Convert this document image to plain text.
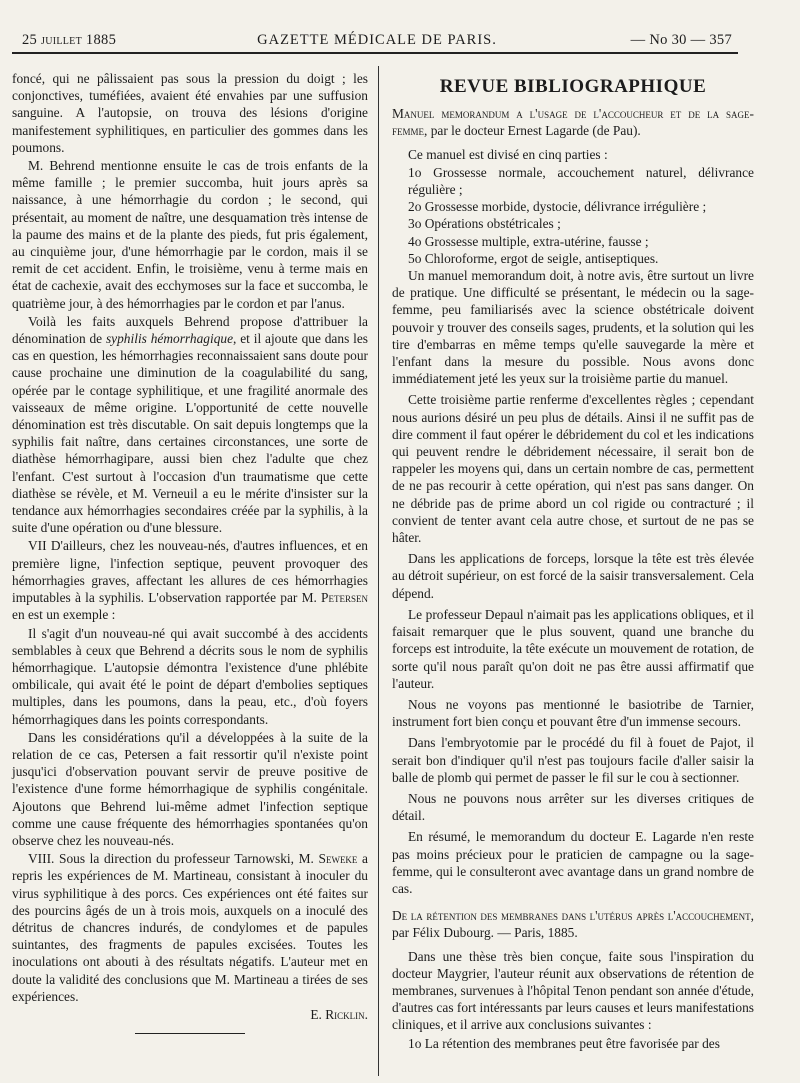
25 juillet 1885	GAZETTE MÉDICALE DE PARIS.	— No 30 — 357

foncé, qui ne pâlissaient pas sous la pression du doigt ; les conjonctives, tuméfiées, avaient été envahies par une suffusion sanguine. A l'autopsie, on trouva des lésions d'origine manifestement syphilitiques, en particulier des gommes dans les poumons.

M. Behrend mentionne ensuite le cas de trois enfants de la même famille ; le premier succomba, huit jours après sa naissance, à une hémorrhagie du cordon ; le second, qui présentait, au moment de naître, une desquamation très intense de la paume des mains et de la plante des pieds, fut pris également, au cinquième jour, d'une hémorrhagie par le cordon, mais il se remit de cet accident. Enfin, le troisième, venu à terme mais en état de cachexie, avait des ecchymoses sur la face et succomba, le quatrième jour, à des hémorrhagies par le cordon et par l'anus.

Voilà les faits auxquels Behrend propose d'attribuer la dénomination de syphilis hémorrhagique, et il ajoute que dans les cas en question, les hémorrhagies reconnaissaient sans doute pour cause prochaine une diminution de la coagulabilité du sang, opérée par le contage syphilitique, et une fragilité anormale des vaisseaux de même origine. L'opportunité de cette nouvelle dénomination est très discutable. On sait depuis longtemps que la syphilis fait naître, dans certaines circonstances, une sorte de diathèse hémorrhagipare, aussi bien chez l'adulte que chez l'enfant. C'est surtout à l'occasion d'un traumatisme que cette diathèse se révèle, et M. Verneuil a eu le mérite d'insister sur la tendance aux hémorrhagies secondaires créée par la syphilis, à la suite d'une opération ou d'une blessure.

VII D'ailleurs, chez les nouveau-nés, d'autres influences, et en première ligne, l'infection septique, peuvent provoquer des hémorrhagies graves, affectant les allures de ces hémorrhagies imputables à la syphilis. L'observation rapportée par M. Petersen en est un exemple :

Il s'agit d'un nouveau-né qui avait succombé à des accidents semblables à ceux que Behrend a décrits sous le nom de syphilis hémorrhagique. L'autopsie démontra l'existence d'une phlébite ombilicale, qui avait été le point de départ d'embolies septiques multiples, dans les poumons, dans la peau, etc., d'où foyers hémorrhagiques dans les points correspondants.

Dans les considérations qu'il a développées à la suite de la relation de ce cas, Petersen a fait ressortir qu'il n'existe point jusqu'ici d'observation pouvant servir de preuve positive de l'existence d'une forme hémorrhagique de syphilis congénitale. Ajoutons que Behrend lui-même admet l'infection septique comme une cause fréquente des hémorrhagies spontanées qu'on observe chez les nouveau-nés.

VIII. Sous la direction du professeur Tarnowski, M. Seweke a repris les expériences de M. Martineau, consistant à inoculer du virus syphilitique à des porcs. Ces expériences ont été faites sur des pourcins âgés de un à trois mois, auxquels on a inoculé des détritus de chancres indurés, de condylomes et de papules suintantes, des fragments de papules excisées. Toutes les inoculations ont abouti à des résultats négatifs. L'auteur met en doute la validité des conclusions que M. Martineau a tirées de ses expériences.

E. Ricklin.

REVUE BIBLIOGRAPHIQUE

Manuel memorandum a l'usage de l'accoucheur et de la sage-femme, par le docteur Ernest Lagarde (de Pau).

Ce manuel est divisé en cinq parties :

1o Grossesse normale, accouchement naturel, délivrance régulière ;

2o Grossesse morbide, dystocie, délivrance irrégulière ;

3o Opérations obstétricales ;

4o Grossesse multiple, extra-utérine, fausse ;

5o Chloroforme, ergot de seigle, antiseptiques.

Un manuel memorandum doit, à notre avis, être surtout un livre de pratique. Une difficulté se présentant, le médecin ou la sage-femme, peu familiarisés avec la science obstétricale doivent pouvoir y trouver des conseils sages, prudents, et la solution qui les tire d'embarras en même temps qu'elle sauvegarde la mère et l'enfant dans la mesure du possible. Nous avons donc immédiatement jeté les yeux sur la troisième partie du manuel.

Cette troisième partie renferme d'excellentes règles ; cependant nous aurions désiré un peu plus de détails. Ainsi il ne suffit pas de dire comment il faut opérer le débridement du col et les indications qui peuvent rendre le débridement nécessaire, il serait bon de rappeler les moyens qui, dans un certain nombre de cas, permettent de ne pas recourir à cette opération, qui n'est pas sans danger. On ne débride pas de prime abord un col rigide ou contracturé ; il convient de tenter avant cela autre chose, et surtout de ne pas se hâter.

Dans les applications de forceps, lorsque la tête est très élevée au détroit supérieur, on est forcé de la saisir transversalement. Cela dépend.

Le professeur Depaul n'aimait pas les applications obliques, et il faisait remarquer que le plus souvent, quand une branche du forceps est introduite, la tête exécute un mouvement de rotation, de sorte qu'il nous paraît qu'on doit ne pas être aussi affirmatif que l'auteur.

Nous ne voyons pas mentionné le basiotribe de Tarnier, instrument fort bien conçu et pouvant être d'un immense secours.

Dans l'embryotomie par le procédé du fil à fouet de Pajot, il serait bon d'indiquer qu'il n'est pas toujours facile d'aller saisir la balle de plomb qui permet de passer le fil sur le cou à sectionner.

Nous ne pouvons nous arrêter sur les diverses critiques de détail.

En résumé, le memorandum du docteur E. Lagarde n'en reste pas moins précieux pour le praticien de campagne ou la sage-femme, qui le consulteront avec avantage dans un grand nombre de cas.

De la rétention des membranes dans l'utérus après l'accouchement, par Félix Dubourg. — Paris, 1885.

Dans une thèse très bien conçue, faite sous l'inspiration du docteur Maygrier, l'auteur réunit aux observations de rétention de membranes, survenues à l'hôpital Tenon pendant son année d'étude, d'autres cas fort intéressants par leurs causes et leurs manifestations cliniques, et il arrive aux conclusions suivantes :

1o La rétention des membranes peut être favorisée par des
